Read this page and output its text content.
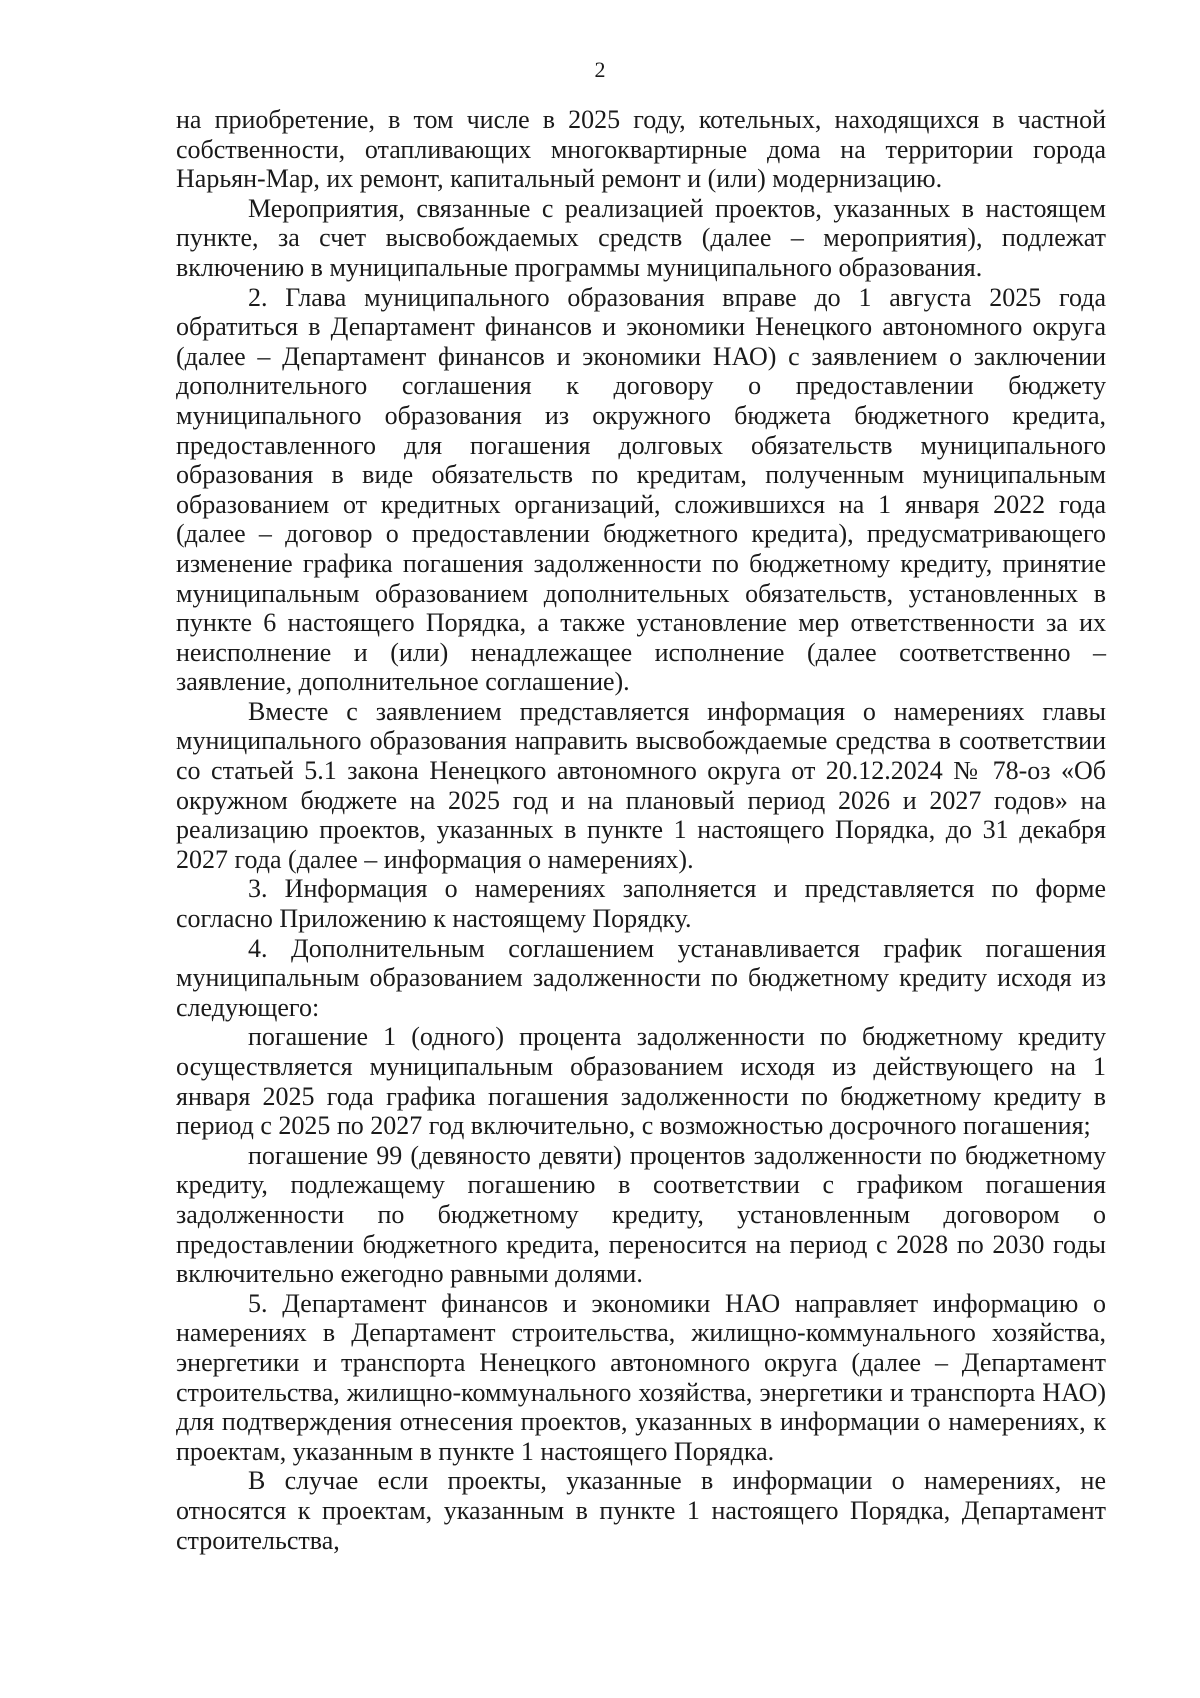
2

на приобретение, в том числе в 2025 году, котельных, находящихся в частной собственности, отапливающих многоквартирные дома на территории города Нарьян-Мар, их ремонт, капитальный ремонт и (или) модернизацию.

Мероприятия, связанные с реализацией проектов, указанных в настоящем пункте, за счет высвобождаемых средств (далее – мероприятия), подлежат включению в муниципальные программы муниципального образования.

2. Глава муниципального образования вправе до 1 августа 2025 года обратиться в Департамент финансов и экономики Ненецкого автономного округа (далее – Департамент финансов и экономики НАО) с заявлением о заключении дополнительного соглашения к договору о предоставлении бюджету муниципального образования из окружного бюджета бюджетного кредита, предоставленного для погашения долговых обязательств муниципального образования в виде обязательств по кредитам, полученным муниципальным образованием от кредитных организаций, сложившихся на 1 января 2022 года (далее – договор о предоставлении бюджетного кредита), предусматривающего изменение графика погашения задолженности по бюджетному кредиту, принятие муниципальным образованием дополнительных обязательств, установленных в пункте 6 настоящего Порядка, а также установление мер ответственности за их неисполнение и (или) ненадлежащее исполнение (далее соответственно – заявление, дополнительное соглашение).

Вместе с заявлением представляется информация о намерениях главы муниципального образования направить высвобождаемые средства в соответствии со статьей 5.1 закона Ненецкого автономного округа от 20.12.2024 № 78-оз «Об окружном бюджете на 2025 год и на плановый период 2026 и 2027 годов» на реализацию проектов, указанных в пункте 1 настоящего Порядка, до 31 декабря 2027 года (далее – информация о намерениях).

3. Информация о намерениях заполняется и представляется по форме согласно Приложению к настоящему Порядку.

4. Дополнительным соглашением устанавливается график погашения муниципальным образованием задолженности по бюджетному кредиту исходя из следующего:

погашение 1 (одного) процента задолженности по бюджетному кредиту осуществляется муниципальным образованием исходя из действующего на 1 января 2025 года графика погашения задолженности по бюджетному кредиту в период с 2025 по 2027 год включительно, с возможностью досрочного погашения;

погашение 99 (девяносто девяти) процентов задолженности по бюджетному кредиту, подлежащему погашению в соответствии с графиком погашения задолженности по бюджетному кредиту, установленным договором о предоставлении бюджетного кредита, переносится на период с 2028 по 2030 годы включительно ежегодно равными долями.

5. Департамент финансов и экономики НАО направляет информацию о намерениях в Департамент строительства, жилищно-коммунального хозяйства, энергетики и транспорта Ненецкого автономного округа (далее – Департамент строительства, жилищно-коммунального хозяйства, энергетики и транспорта НАО) для подтверждения отнесения проектов, указанных в информации о намерениях, к проектам, указанным в пункте 1 настоящего Порядка.

В случае если проекты, указанные в информации о намерениях, не относятся к проектам, указанным в пункте 1 настоящего Порядка, Департамент строительства,
